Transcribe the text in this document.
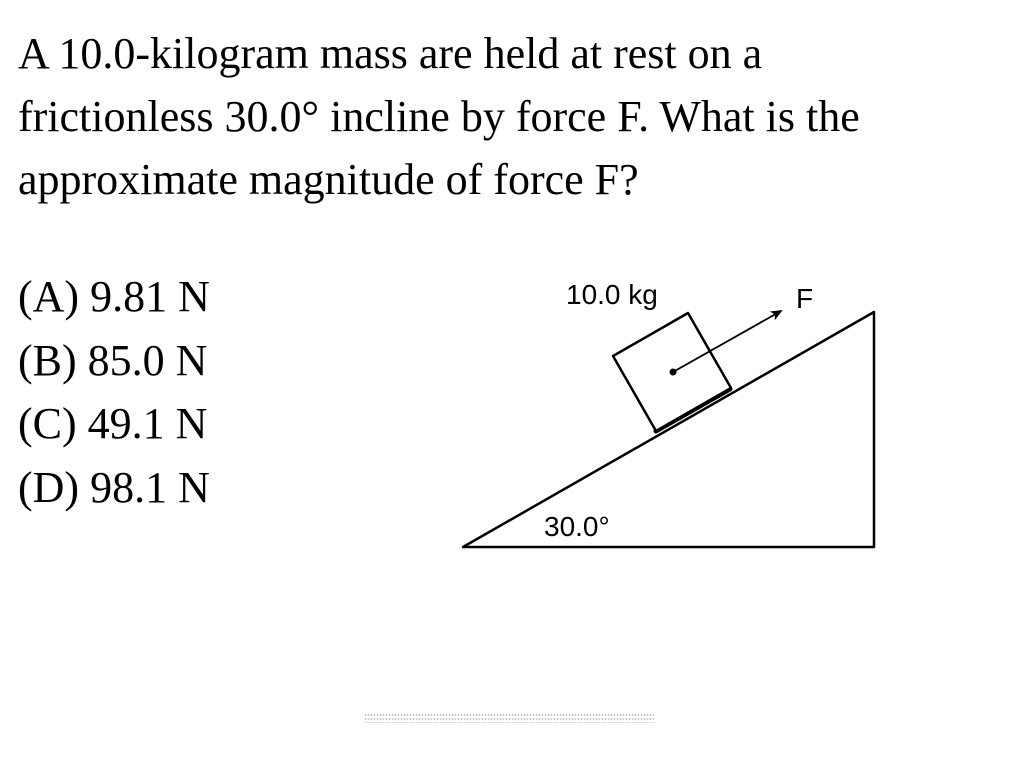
A 10.0-kilogram mass are held at rest on a
frictionless 30.0° incline by force F. What is the
approximate magnitude of force F?
(A) 9.81 N
(B) 85.0 N
(C) 49.1 N
(D) 98.1 N
10.0 kg	F
30.0°
